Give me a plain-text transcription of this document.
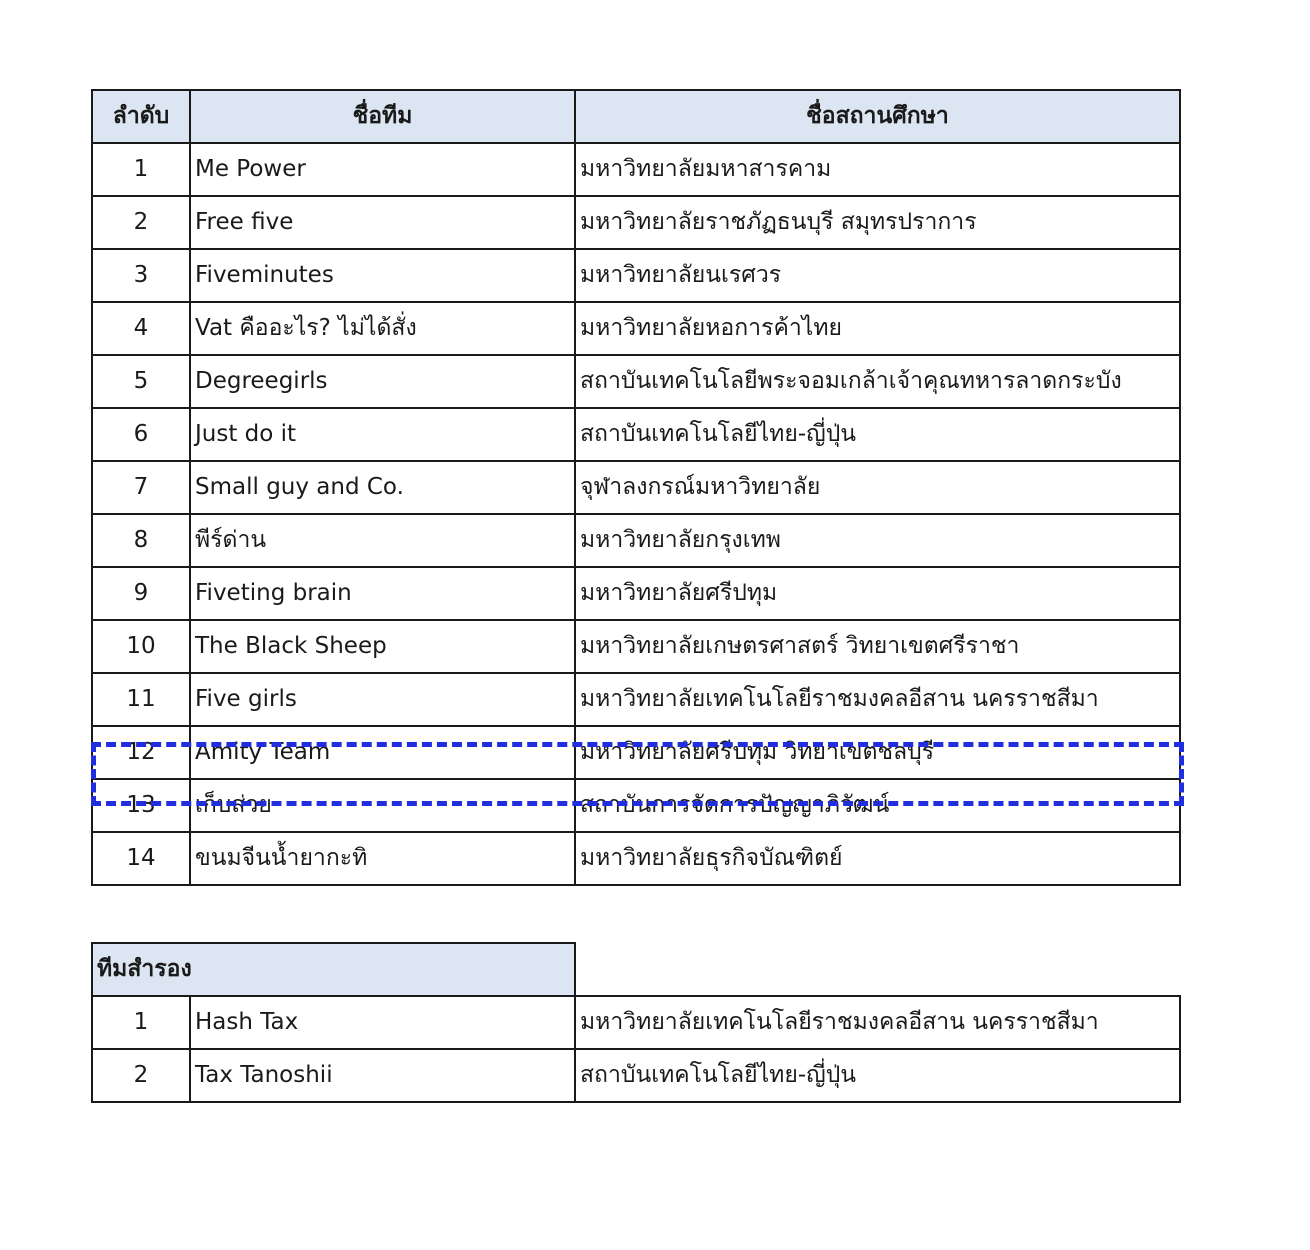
ลำดับ	ชื่อทีม	ชื่อสถานศึกษา
1	Me Power	มหาวิทยาลัยมหาสารคาม
2	Free five	มหาวิทยาลัยราชภัฏธนบุรี สมุทรปราการ
3	Fiveminutes	มหาวิทยาลัยนเรศวร
4	Vat คืออะไร? ไม่ได้สั่ง	มหาวิทยาลัยหอการค้าไทย
5	Degreegirls	สถาบันเทคโนโลยีพระจอมเกล้าเจ้าคุณทหารลาดกระบัง
6	Just do it	สถาบันเทคโนโลยีไทย-ญี่ปุ่น
7	Small guy and Co.	จุฬาลงกรณ์มหาวิทยาลัย
8	พีร์ด่าน	มหาวิทยาลัยกรุงเทพ
9	Fiveting brain	มหาวิทยาลัยศรีปทุม
10	The Black Sheep	มหาวิทยาลัยเกษตรศาสตร์ วิทยาเขตศรีราชา
11	Five girls	มหาวิทยาลัยเทคโนโลยีราชมงคลอีสาน นครราชสีมา
12	Amity Team	มหาวิทยาลัยศรีปทุม วิทยาเขตชลบุรี
13	เก็บส่วย	สถาบันการจัดการปัญญาภิวัฒน์
14	ขนมจีนน้ำยากะทิ	มหาวิทยาลัยธุรกิจบัณฑิตย์
ทีมสำรอง		
1	Hash Tax	มหาวิทยาลัยเทคโนโลยีราชมงคลอีสาน นครราชสีมา
2	Tax Tanoshii	สถาบันเทคโนโลยีไทย-ญี่ปุ่น
